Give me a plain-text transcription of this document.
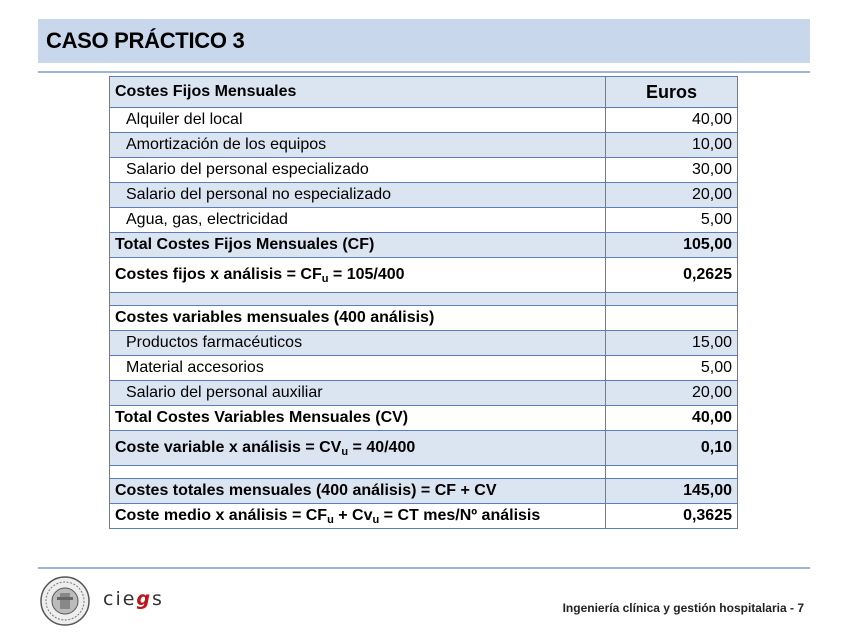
CASO PRÁCTICO 3
Costes Fijos Mensuales	Euros
Alquiler del local	40,00
Amortización de los equipos	10,00
Salario del personal especializado	30,00
Salario del personal no especializado	20,00
Agua, gas, electricidad	5,00
Total Costes Fijos Mensuales (CF)	105,00
Costes fijos x análisis = $CF_u = 105/400$	0,2625

Costes variables mensuales (400 análisis)	
Productos farmacéuticos	15,00
Material accesorios	5,00
Salario del personal auxiliar	20,00
Total Costes Variables Mensuales (CV)	40,00
Coste variable x análisis = $CV_u = 40/400$	0,10

Costes totales mensuales (400 análisis) = CF + CV	145,00
Coste medio x análisis = $CF_u + Cv_u$ = CT mes/Nº análisis	0,3625
ciegs	Ingeniería clínica y gestión hospitalaria - 7
